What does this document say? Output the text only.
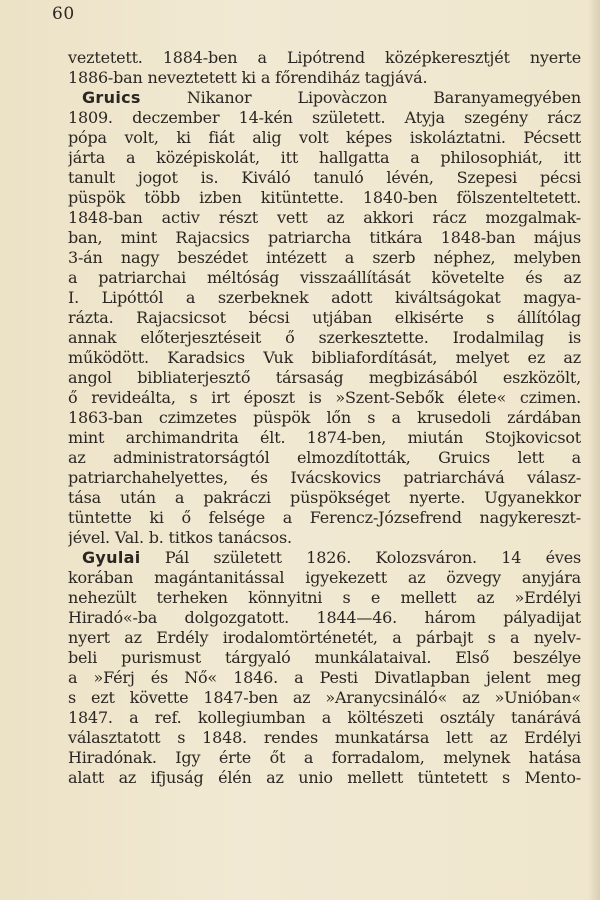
60
veztetett. 1884-ben a Lipótrend középkeresztjét nyerte
1886-ban neveztetett ki a főrendiház tagjává.
Gruics Nikanor Lipovàczon Baranyamegyében
1809. deczember 14-kén született. Atyja szegény rácz
pópa volt, ki fiát alig volt képes iskoláztatni. Pécsett
járta a középiskolát, itt hallgatta a philosophiát, itt
tanult jogot is. Kiváló tanuló lévén, Szepesi pécsi
püspök több izben kitüntette. 1840-ben fölszenteltetett.
1848-ban activ részt vett az akkori rácz mozgalmak-
ban, mint Rajacsics patriarcha titkára 1848-ban május
3-án nagy beszédet intézett a szerb népհez, melyben
a patriarchai méltóság visszaállítását követelte és az
I. Lipóttól a szerbeknek adott kiváltságokat magya-
rázta. Rajacsicsot bécsi utjában elkisérte s állítólag
annak előterjesztéseit ő szerkesztette. Irodalmilag is
működött. Karadsics Vuk bibliafordítását, melyet ez az
angol bibliaterjesztő társaság megbizásából eszközölt,
ő revideálta, s irt époszt is »Szent-Sebők élete« czimen.
1863-ban czimzetes püspök lőn s a krusedoli zárdában
mint archimandrita élt. 1874-ben, miután Stojkovicsot
az administratorságtól elmozdították, Gruics lett a
patriarchahelyettes, és Ivácskovics patriarchává válasz-
tása után a pakráczi püspökséget nyerte. Ugyanekkor
tüntette ki ő felsége a Ferencz-Józsefrend nagykereszt-
jével. Val. b. titkos tanácsos.
Gyulai Pál született 1826. Kolozsváron. 14 éves
korában magántanitással igyekezett az özvegy anyjára
nehezült terheken könnyitni s e mellett az »Erdélyi
Hiradó«-ba dolgozgatott. 1844—46. három pályadijat
nyert az Erdély irodalomtörténetét, a párbajt s a nyelv-
beli purismust tárgyaló munkálataival. Első beszélye
a »Férj és Nő« 1846. a Pesti Divatlapban jelent meg
s ezt követte 1847-ben az »Aranycsináló« az »Unióban«
1847. a ref. kollegiumban a költészeti osztály tanárává
választatott s 1848. rendes munkatársa lett az Erdélyi
Hiradónak. Igy érte őt a forradalom, melynek hatása
alatt az ifjuság élén az unio mellett tüntetett s Mento-
